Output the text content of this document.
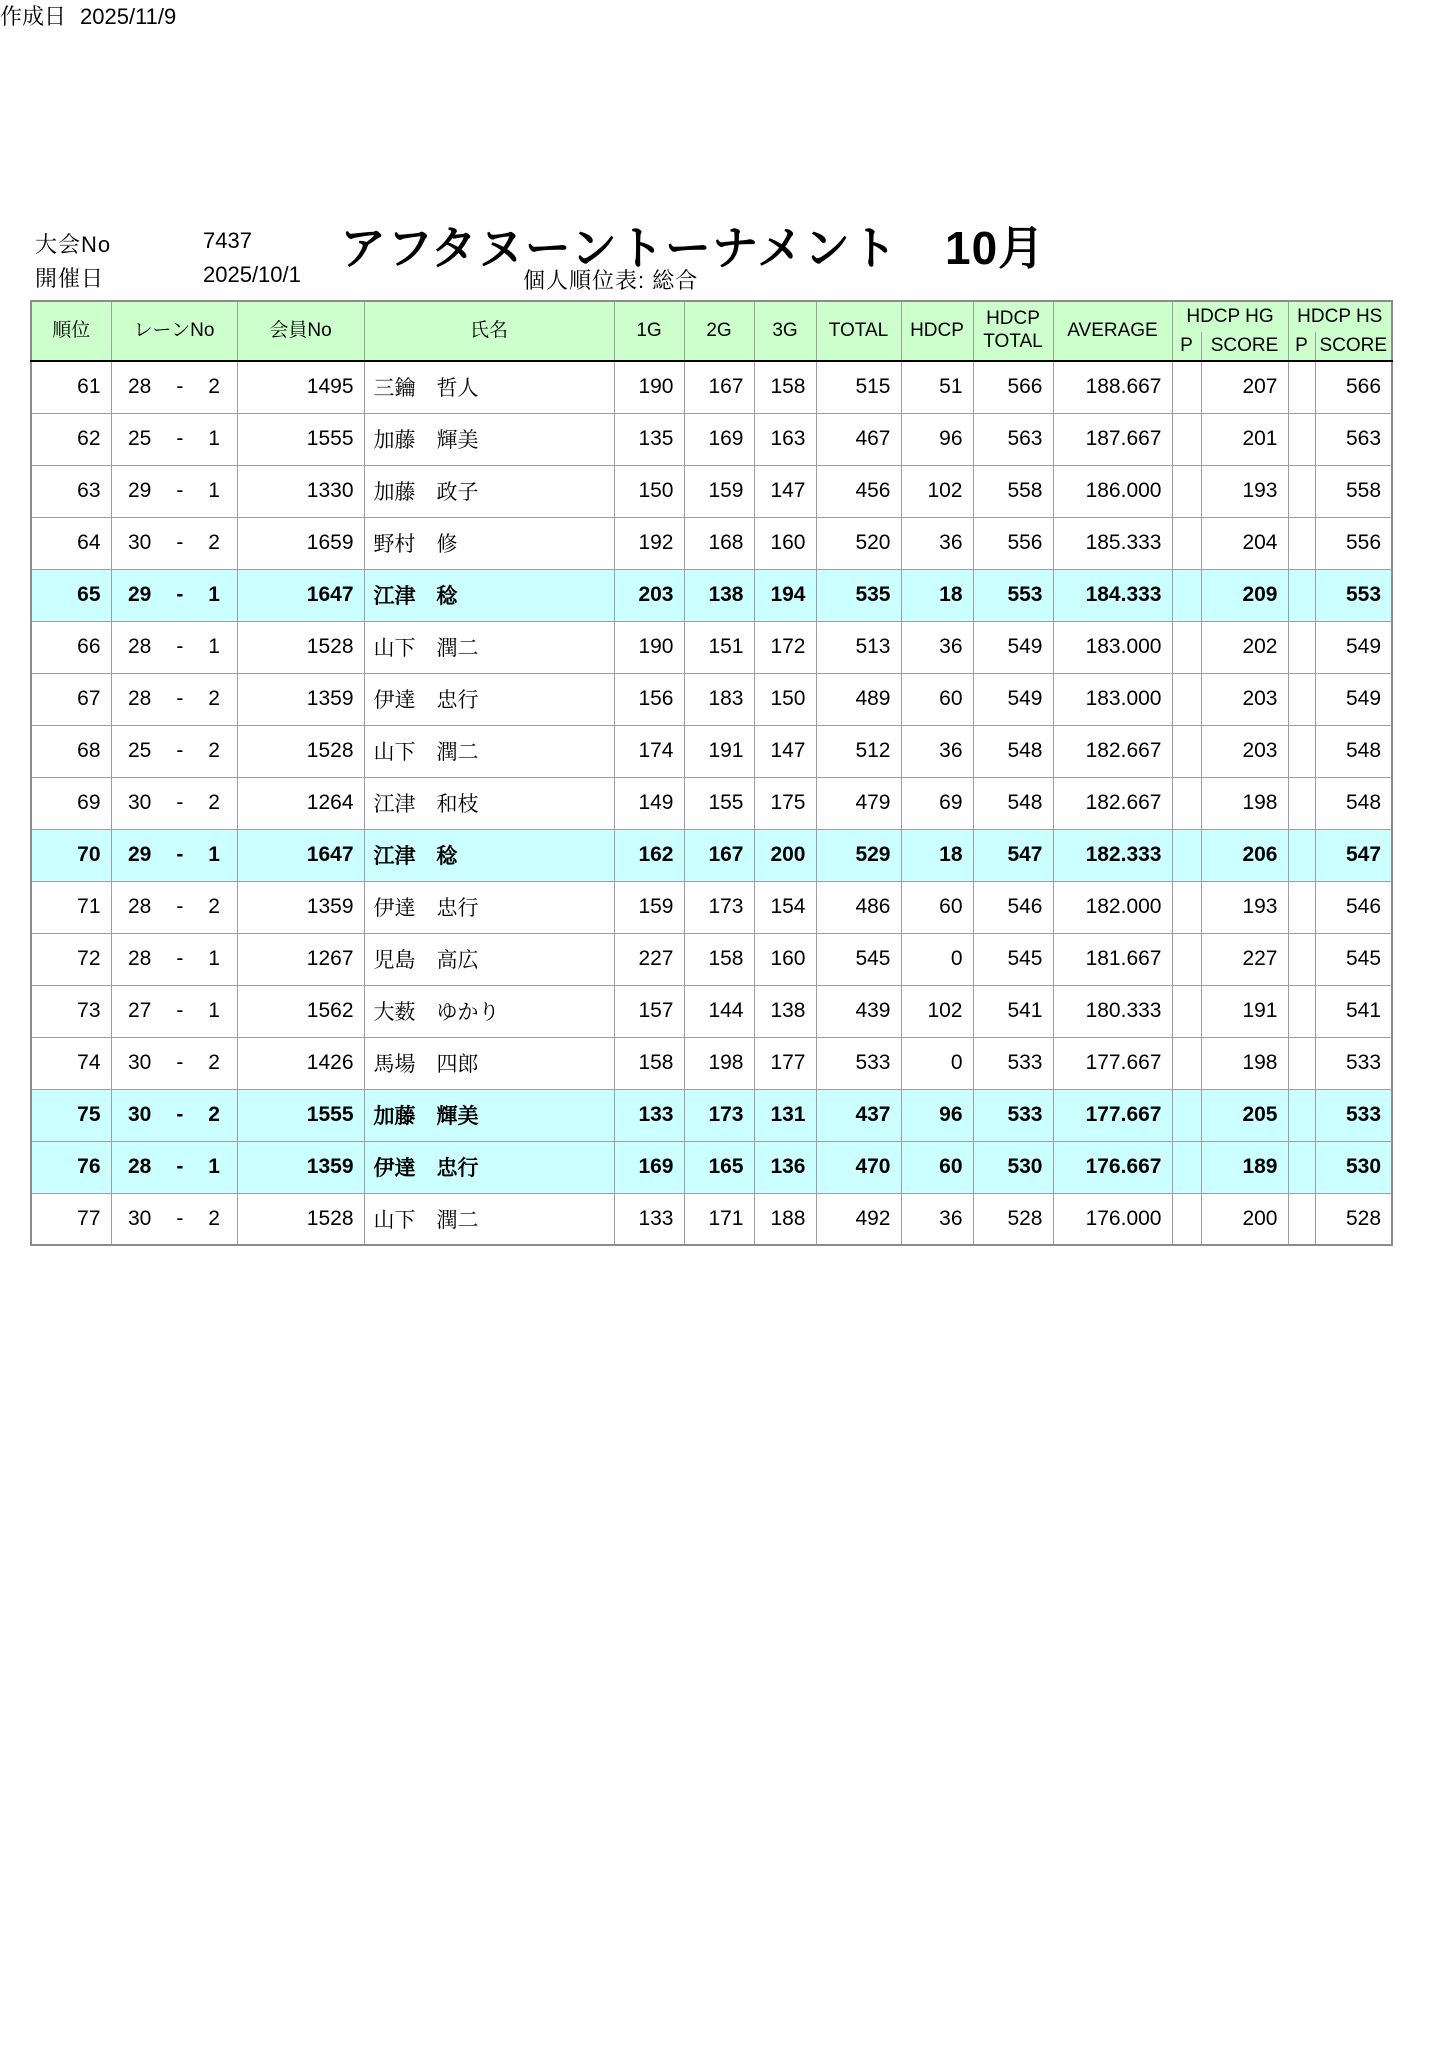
大会No	7437
開催日	2025/10/1
アフタヌーントーナメント　10月
個人順位表: 総合
作成日 2025/11/9
順位	レーンNo	会員No	氏名	1G	2G	3G	TOTAL	HDCP	HDCP TOTAL	AVERAGE	HDCP HG		HDCP HS	
											P	SCORE	P	SCORE
61	28 - 2	1495	三鑰　哲人	190	167	158	515	51	566	188.667		207		566
62	25 - 1	1555	加藤　輝美	135	169	163	467	96	563	187.667		201		563
63	29 - 1	1330	加藤　政子	150	159	147	456	102	558	186.000		193		558
64	30 - 2	1659	野村　修	192	168	160	520	36	556	185.333		204		556
65	29 - 1	1647	江津　稔	203	138	194	535	18	553	184.333		209		553
66	28 - 1	1528	山下　潤二	190	151	172	513	36	549	183.000		202		549
67	28 - 2	1359	伊達　忠行	156	183	150	489	60	549	183.000		203		549
68	25 - 2	1528	山下　潤二	174	191	147	512	36	548	182.667		203		548
69	30 - 2	1264	江津　和枝	149	155	175	479	69	548	182.667		198		548
70	29 - 1	1647	江津　稔	162	167	200	529	18	547	182.333		206		547
71	28 - 2	1359	伊達　忠行	159	173	154	486	60	546	182.000		193		546
72	28 - 1	1267	児島　高広	227	158	160	545	0	545	181.667		227		545
73	27 - 1	1562	大薮　ゆかり	157	144	138	439	102	541	180.333		191		541
74	30 - 2	1426	馬場　四郎	158	198	177	533	0	533	177.667		198		533
75	30 - 2	1555	加藤　輝美	133	173	131	437	96	533	177.667		205		533
76	28 - 1	1359	伊達　忠行	169	165	136	470	60	530	176.667		189		530
77	30 - 2	1528	山下　潤二	133	171	188	492	36	528	176.000		200		528
